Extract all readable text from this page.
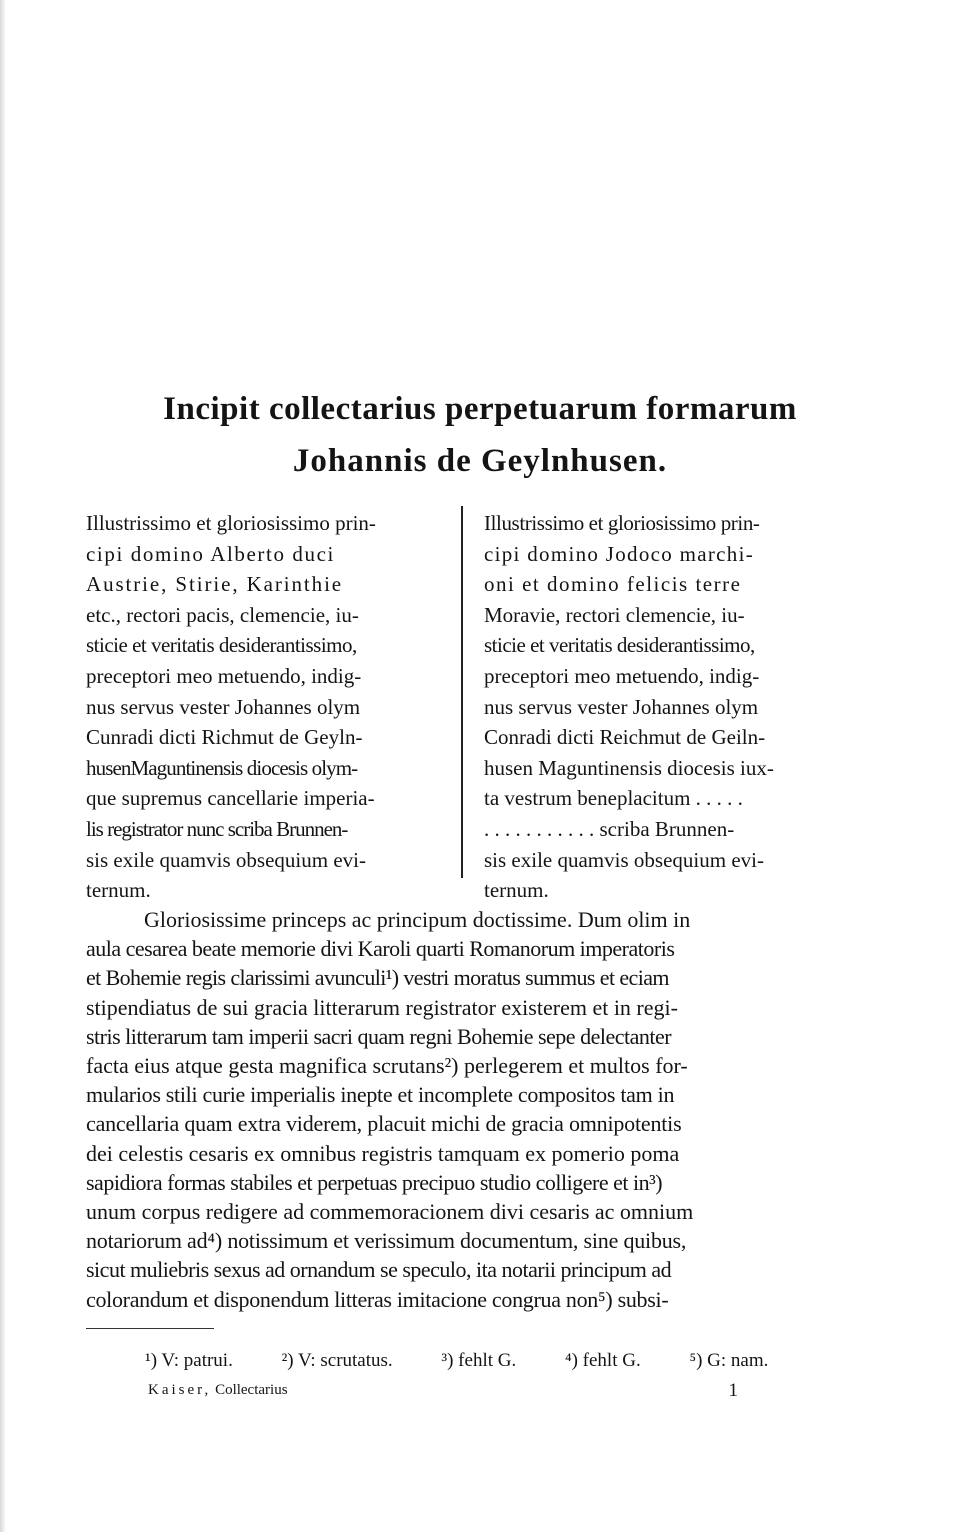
Incipit collectarius perpetuarum formarum
Johannis de Geylnhusen.
Illustrissimo et gloriosissimo prin-
cipi domino Alberto duci
Austrie, Stirie, Karinthie
etc., rectori pacis, clemencie, iu-
sticie et veritatis desiderantissimo,
preceptori meo metuendo, indig-
nus servus vester Johannes olym
Cunradi dicti Richmut de Geyln-
husenMaguntinensis diocesis olym-
que supremus cancellarie imperia-
lis registrator nunc scriba Brunnen-
sis exile quamvis obsequium evi-
ternum.
Illustrissimo et gloriosissimo prin-
cipi domino Jodoco marchi-
oni et domino felicis terre
Moravie, rectori clemencie, iu-
sticie et veritatis desiderantissimo,
preceptori meo metuendo, indig-
nus servus vester Johannes olym
Conradi dicti Reichmut de Geiln-
husen Maguntinensis diocesis iux-
ta vestrum beneplacitum . . . . .
. . . . . . . . . . . scriba Brunnen-
sis exile quamvis obsequium evi-
ternum.
Gloriosissime princeps ac principum doctissime. Dum olim in
aula cesarea beate memorie divi Karoli quarti Romanorum imperatoris
et Bohemie regis clarissimi avunculi¹) vestri moratus summus et eciam
stipendiatus de sui gracia litterarum registrator existerem et in regi-
stris litterarum tam imperii sacri quam regni Bohemie sepe delectanter
facta eius atque gesta magnifica scrutans²) perlegerem et multos for-
mularios stili curie imperialis inepte et incomplete compositos tam in
cancellaria quam extra viderem, placuit michi de gracia omnipotentis
dei celestis cesaris ex omnibus registris tamquam ex pomerio poma
sapidiora formas stabiles et perpetuas precipuo studio colligere et in³)
unum corpus redigere ad commemoracionem divi cesaris ac omnium
notariorum ad⁴) notissimum et verissimum documentum, sine quibus,
sicut muliebris sexus ad ornandum se speculo, ita notarii principum ad
colorandum et disponendum litteras imitacione congrua non⁵) subsi-
¹) V: patrui.	²) V: scrutatus.	³) fehlt G.	⁴) fehlt G.	⁵) G: nam.
Kaiser, Collectarius	1
